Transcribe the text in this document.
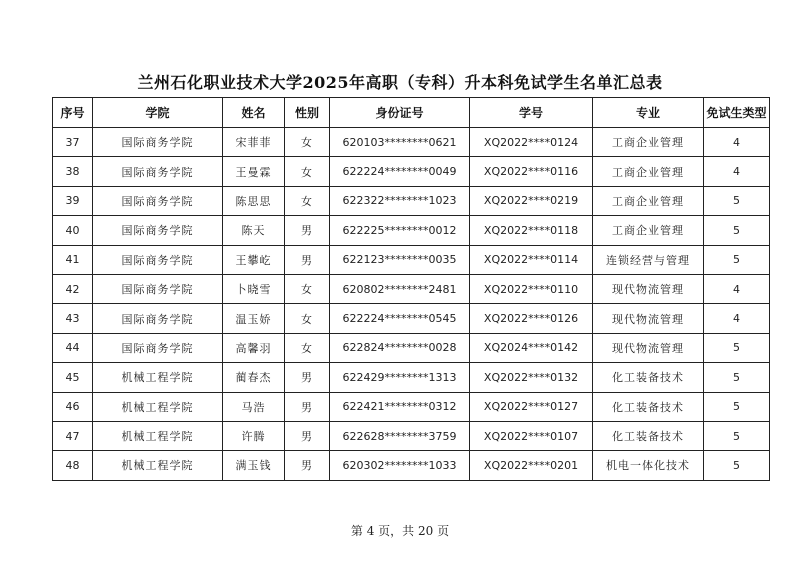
兰州石化职业技术大学2025年高职（专科）升本科免试学生名单汇总表
序号	学院	姓名	性别	身份证号	学号	专业	免试生类型
37	国际商务学院	宋菲菲	女	620103********0621	XQ2022****0124	工商企业管理	4
38	国际商务学院	王曼霖	女	622224********0049	XQ2022****0116	工商企业管理	4
39	国际商务学院	陈思思	女	622322********1023	XQ2022****0219	工商企业管理	5
40	国际商务学院	陈天	男	622225********0012	XQ2022****0118	工商企业管理	5
41	国际商务学院	王攀屹	男	622123********0035	XQ2022****0114	连锁经营与管理	5
42	国际商务学院	卜晓雪	女	620802********2481	XQ2022****0110	现代物流管理	4
43	国际商务学院	温玉娇	女	622224********0545	XQ2022****0126	现代物流管理	4
44	国际商务学院	高馨羽	女	622824********0028	XQ2024****0142	现代物流管理	5
45	机械工程学院	蔺春杰	男	622429********1313	XQ2022****0132	化工装备技术	5
46	机械工程学院	马浩	男	622421********0312	XQ2022****0127	化工装备技术	5
47	机械工程学院	许腾	男	622628********3759	XQ2022****0107	化工装备技术	5
48	机械工程学院	满玉钱	男	620302********1033	XQ2022****0201	机电一体化技术	5
第 4 页，共 20 页
